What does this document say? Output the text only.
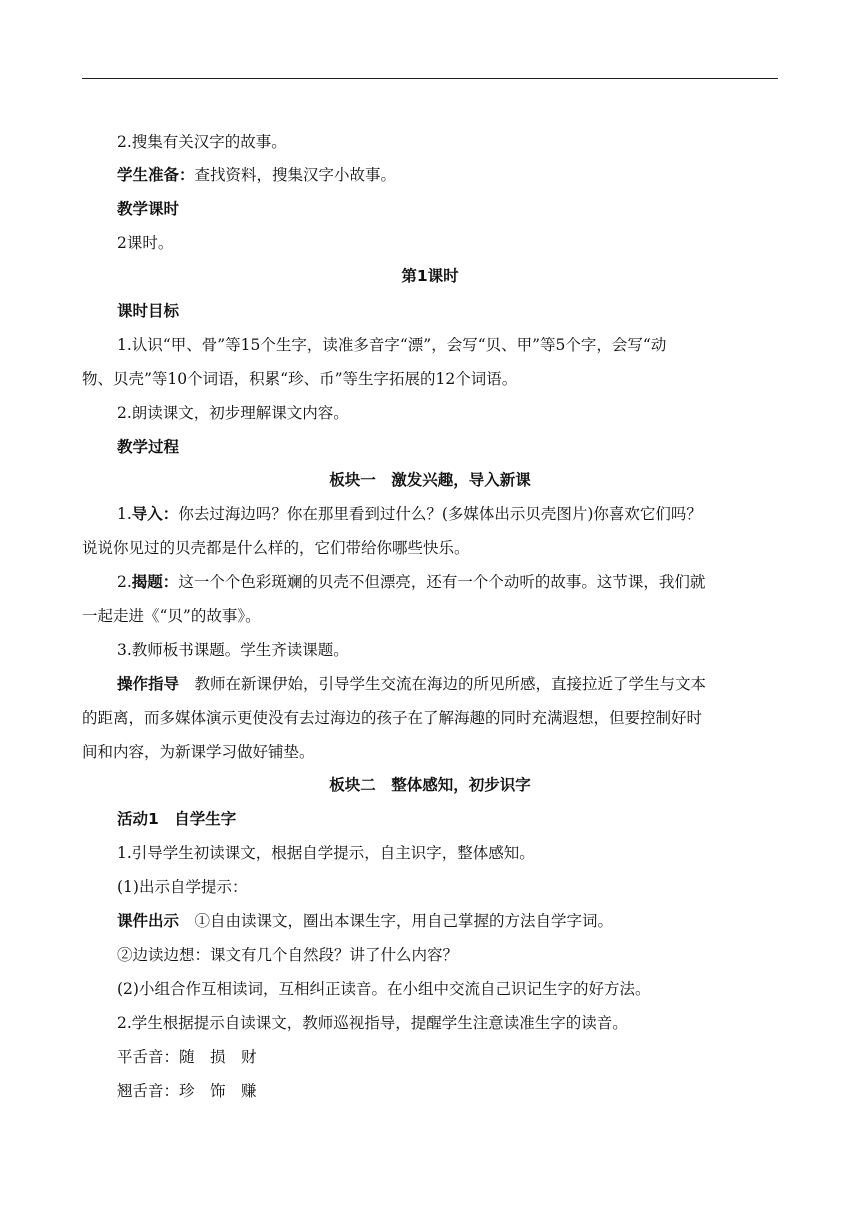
2.搜集有关汉字的故事。
学生准备：查找资料，搜集汉字小故事。
教学课时
2课时。
第1课时
课时目标
1.认识“甲、骨”等15个生字，读准多音字“漂”，会写“贝、甲”等5个字，会写“动
物、贝壳”等10个词语，积累“珍、币”等生字拓展的12个词语。
2.朗读课文，初步理解课文内容。
教学过程
板块一　激发兴趣，导入新课
1.导入：你去过海边吗？你在那里看到过什么？(多媒体出示贝壳图片)你喜欢它们吗？
说说你见过的贝壳都是什么样的，它们带给你哪些快乐。
2.揭题：这一个个色彩斑斓的贝壳不但漂亮，还有一个个动听的故事。这节课，我们就
一起走进《“贝”的故事》。
3.教师板书课题。学生齐读课题。
操作指导　教师在新课伊始，引导学生交流在海边的所见所感，直接拉近了学生与文本
的距离，而多媒体演示更使没有去过海边的孩子在了解海趣的同时充满遐想，但要控制好时
间和内容，为新课学习做好铺垫。
板块二　整体感知，初步识字
活动1　自学生字
1.引导学生初读课文，根据自学提示，自主识字，整体感知。
(1)出示自学提示：
课件出示　①自由读课文，圈出本课生字，用自己掌握的方法自学字词。
②边读边想：课文有几个自然段？讲了什么内容？
(2)小组合作互相读词，互相纠正读音。在小组中交流自己识记生字的好方法。
2.学生根据提示自读课文，教师巡视指导，提醒学生注意读准生字的读音。
平舌音：随　损　财
翘舌音：珍　饰　赚
